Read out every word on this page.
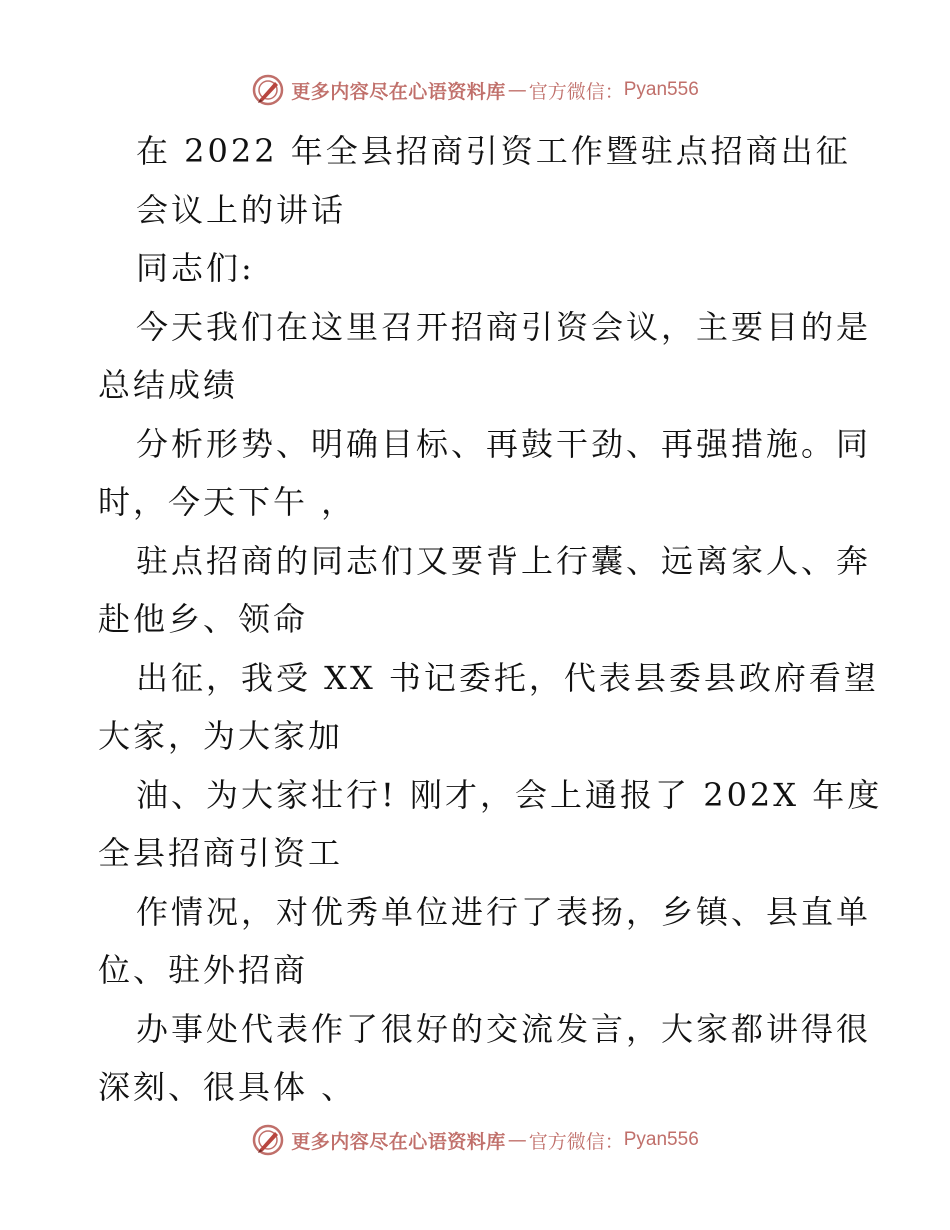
更多内容尽在心语资料库 — 官方微信： Pyan556
在 2022 年全县招商引资工作暨驻点招商出征
会议上的讲话
同志们:
今天我们在这里召开招商引资会议，主要目的是
总结成绩
分析形势、明确目标、再鼓干劲、再强措施。同
时，今天下午 ，
驻点招商的同志们又要背上行囊、远离家人、奔
赴他乡、领命
出征，我受 XX 书记委托，代表县委县政府看望
大家，为大家加
油、为大家壮行! 刚才，会上通报了 202X 年度
全县招商引资工
作情况，对优秀单位进行了表扬，乡镇、县直单
位、驻外招商
办事处代表作了很好的交流发言，大家都讲得很
深刻、很具体 、
更多内容尽在心语资料库 — 官方微信： Pyan556
